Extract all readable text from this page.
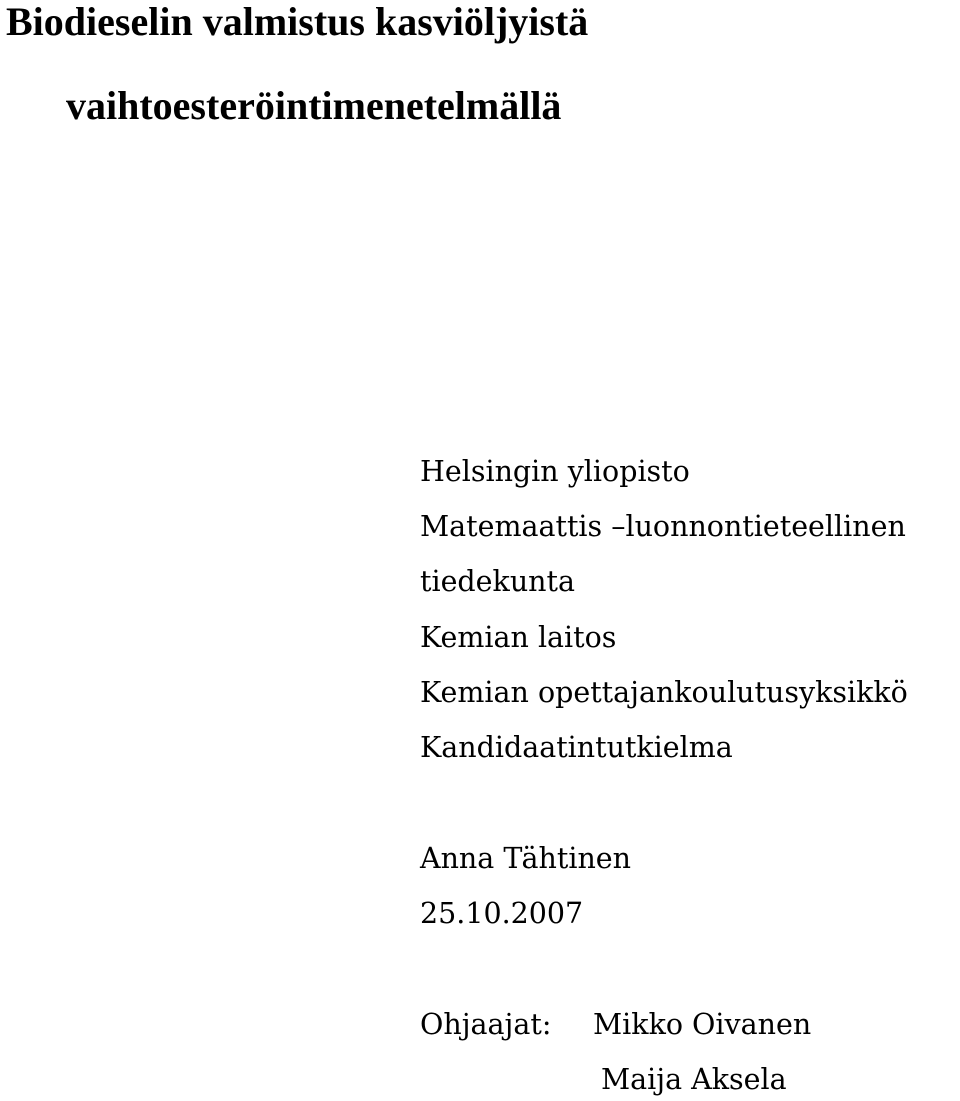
Biodieselin valmistus kasviöljyistä
vaihtoesteröintimenetelmällä
Helsingin yliopisto
Matemaattis –luonnontieteellinen
tiedekunta
Kemian laitos
Kemian opettajankoulutusyksikkö
Kandidaatintutkielma
Anna Tähtinen
25.10.2007
Ohjaajat: Mikko Oivanen
Maija Aksela
